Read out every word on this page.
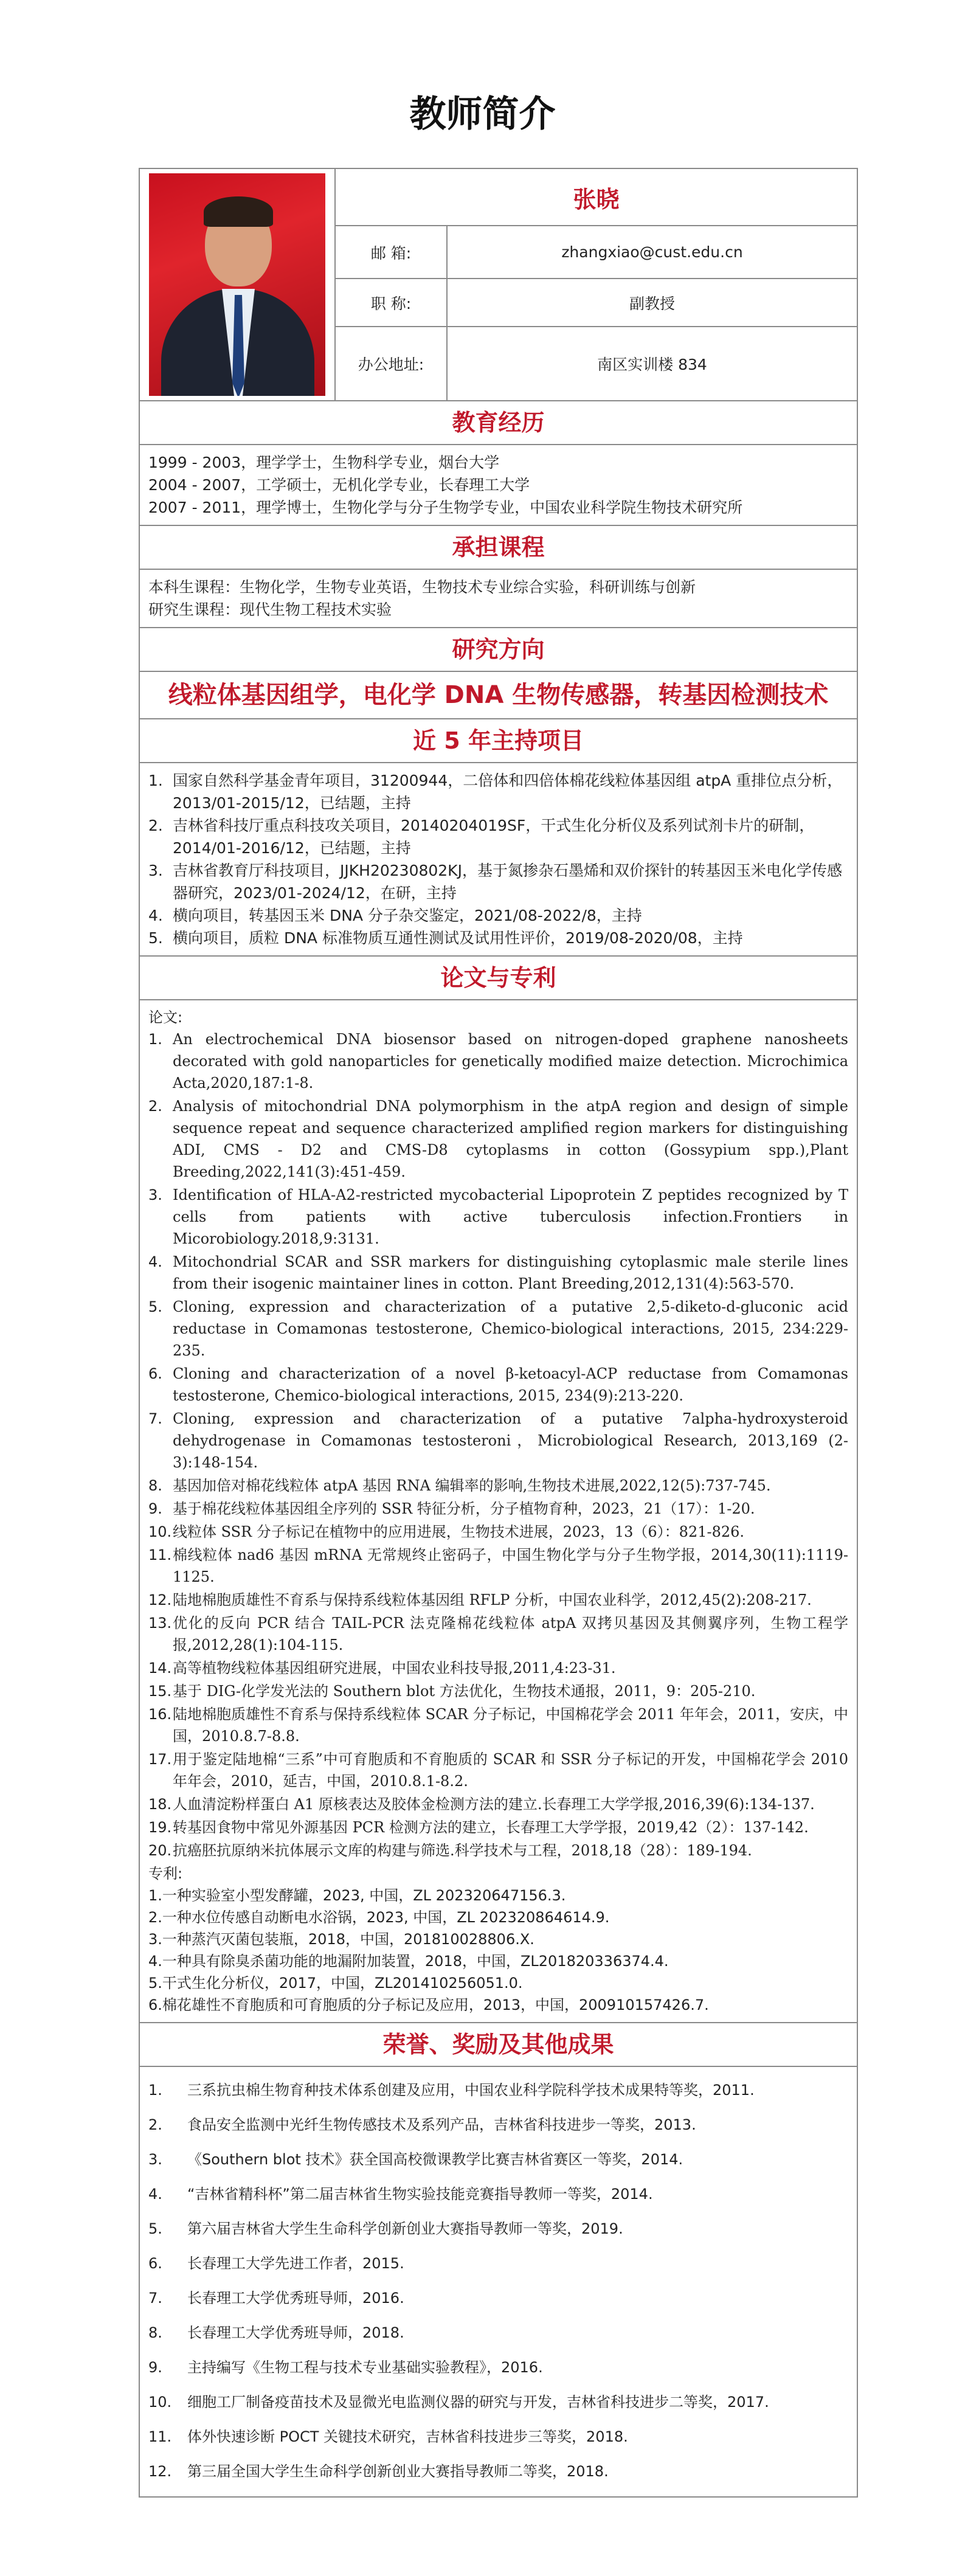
教师简介
张晓
邮 箱:	zhangxiao@cust.edu.cn
职 称:	副教授
办公地址:	南区实训楼 834
教育经历
1999 - 2003，理学学士，生物科学专业，烟台大学
2004 - 2007，工学硕士，无机化学专业，长春理工大学
2007 - 2011，理学博士，生物化学与分子生物学专业，中国农业科学院生物技术研究所
承担课程
本科生课程：生物化学，生物专业英语，生物技术专业综合实验，科研训练与创新
研究生课程：现代生物工程技术实验
研究方向
线粒体基因组学，电化学 DNA 生物传感器，转基因检测技术
近 5 年主持项目
1. 国家自然科学基金青年项目，31200944，二倍体和四倍体棉花线粒体基因组 atpA 重排位点分析，2013/01-2015/12，已结题，主持
2. 吉林省科技厅重点科技攻关项目，20140204019SF，干式生化分析仪及系列试剂卡片的研制，2014/01-2016/12，已结题，主持
3. 吉林省教育厅科技项目，JJKH20230802KJ，基于氮掺杂石墨烯和双价探针的转基因玉米电化学传感器研究，2023/01-2024/12，在研，主持
4. 横向项目，转基因玉米 DNA 分子杂交鉴定，2021/08-2022/8，主持
5. 横向项目，质粒 DNA 标准物质互通性测试及试用性评价，2019/08-2020/08，主持
论文与专利
论文:
1. An electrochemical DNA biosensor based on nitrogen-doped graphene nanosheets decorated with gold nanoparticles for genetically modified maize detection. Microchimica Acta,2020,187:1-8.
2. Analysis of mitochondrial DNA polymorphism in the atpA region and design of simple sequence repeat and sequence characterized amplified region markers for distinguishing ADI, CMS - D2 and CMS-D8 cytoplasms in cotton (Gossypium spp.),Plant Breeding,2022,141(3):451-459.
3. Identification of HLA-A2-restricted mycobacterial Lipoprotein Z peptides recognized by T cells from patients with active tuberculosis infection.Frontiers in Micorobiology.2018,9:3131.
4. Mitochondrial SCAR and SSR markers for distinguishing cytoplasmic male sterile lines from their isogenic maintainer lines in cotton. Plant Breeding,2012,131(4):563-570.
5. Cloning, expression and characterization of a putative 2,5-diketo-d-gluconic acid reductase in Comamonas testosterone, Chemico-biological interactions, 2015, 234:229-235.
6. Cloning and characterization of a novel β-ketoacyl-ACP reductase from Comamonas testosterone, Chemico-biological interactions, 2015, 234(9):213-220.
7. Cloning, expression and characterization of a putative 7alpha-hydroxysteroid dehydrogenase in Comamonas testosteroni，Microbiological Research, 2013,169 (2-3):148-154.
8. 基因加倍对棉花线粒体 atpA 基因 RNA 编辑率的影响,生物技术进展,2022,12(5):737-745.
9. 基于棉花线粒体基因组全序列的 SSR 特征分析，分子植物育种，2023，21（17）：1-20.
10. 线粒体 SSR 分子标记在植物中的应用进展，生物技术进展，2023，13（6）：821-826.
11. 棉线粒体 nad6 基因 mRNA 无常规终止密码子，中国生物化学与分子生物学报，2014,30(11):1119-1125.
12. 陆地棉胞质雄性不育系与保持系线粒体基因组 RFLP 分析，中国农业科学，2012,45(2):208-217.
13. 优化的反向 PCR 结合 TAIL-PCR 法克隆棉花线粒体 atpA 双拷贝基因及其侧翼序列，生物工程学报,2012,28(1):104-115.
14. 高等植物线粒体基因组研究进展，中国农业科技导报,2011,4:23-31.
15. 基于 DIG-化学发光法的 Southern blot 方法优化，生物技术通报，2011，9：205-210.
16. 陆地棉胞质雄性不育系与保持系线粒体 SCAR 分子标记，中国棉花学会 2011 年年会，2011，安庆，中国，2010.8.7-8.8.
17. 用于鉴定陆地棉“三系”中可育胞质和不育胞质的 SCAR 和 SSR 分子标记的开发，中国棉花学会 2010 年年会，2010，延吉，中国，2010.8.1-8.2.
18. 人血清淀粉样蛋白 A1 原核表达及胶体金检测方法的建立.长春理工大学学报,2016,39(6):134-137.
19. 转基因食物中常见外源基因 PCR 检测方法的建立，长春理工大学学报，2019,42（2）：137-142.
20. 抗癌胚抗原纳米抗体展示文库的构建与筛选.科学技术与工程，2018,18（28）：189-194.
专利:
1.一种实验室小型发酵罐，2023, 中国，ZL 202320647156.3.
2.一种水位传感自动断电水浴锅，2023, 中国，ZL 202320864614.9.
3.一种蒸汽灭菌包装瓶，2018，中国，201810028806.X.
4.一种具有除臭杀菌功能的地漏附加装置，2018，中国，ZL201820336374.4.
5.干式生化分析仪，2017，中国，ZL201410256051.0.
6.棉花雄性不育胞质和可育胞质的分子标记及应用，2013，中国，200910157426.7.
荣誉、奖励及其他成果
1.	三系抗虫棉生物育种技术体系创建及应用，中国农业科学院科学技术成果特等奖，2011.
2.	食品安全监测中光纤生物传感技术及系列产品，吉林省科技进步一等奖，2013.
3.	《Southern blot 技术》获全国高校微课教学比赛吉林省赛区一等奖，2014.
4.	“吉林省精科杯”第二届吉林省生物实验技能竞赛指导教师一等奖，2014.
5.	第六届吉林省大学生生命科学创新创业大赛指导教师一等奖，2019.
6.	长春理工大学先进工作者，2015.
7.	长春理工大学优秀班导师，2016.
8.	长春理工大学优秀班导师，2018.
9.	主持编写《生物工程与技术专业基础实验教程》，2016.
10.	细胞工厂制备疫苗技术及显微光电监测仪器的研究与开发，吉林省科技进步二等奖，2017.
11.	体外快速诊断 POCT 关键技术研究，吉林省科技进步三等奖，2018.
12.	第三届全国大学生生命科学创新创业大赛指导教师二等奖，2018.
